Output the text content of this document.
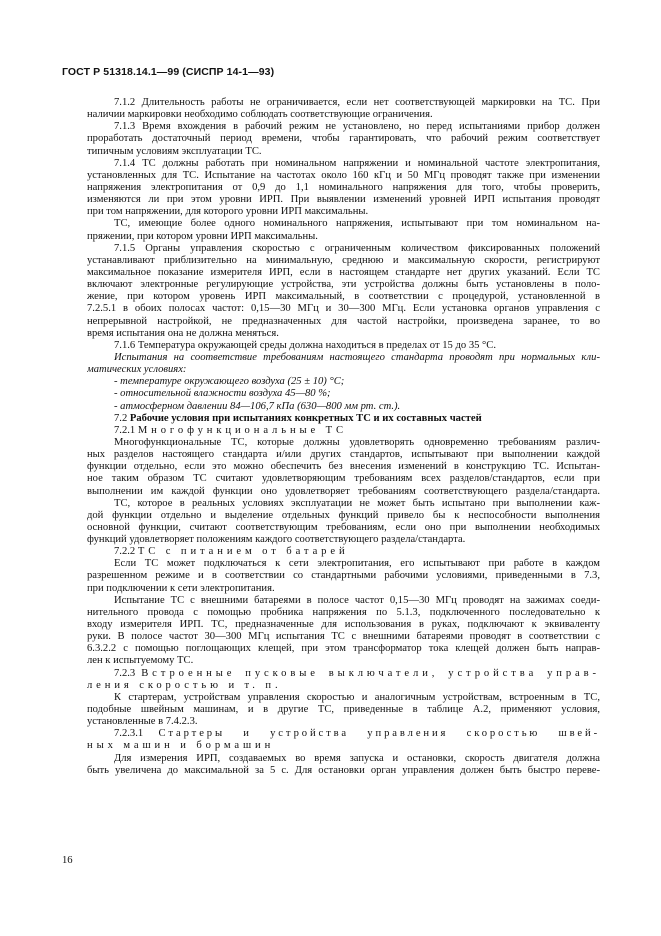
ГОСТ Р 51318.14.1—99 (СИСПР 14-1—93)
7.1.2 Длительность работы не ограничивается, если нет соответствующей маркировки на ТС. При
наличии маркировки необходимо соблюдать соответствующие ограничения.
7.1.3 Время вхождения в рабочий режим не установлено, но перед испытаниями прибор должен
проработать достаточный период времени, чтобы гарантировать, что рабочий режим соответствует
типичным условиям эксплуатации ТС.
7.1.4 ТС должны работать при номинальном напряжении и номинальной частоте электропитания,
установленных для ТС. Испытание на частотах около 160 кГц и 50 МГц проводят также при изменении
напряжения электропитания от 0,9 до 1,1 номинального напряжения для того, чтобы проверить,
изменяются ли при этом уровни ИРП. При выявлении изменений уровней ИРП испытания проводят
при том напряжении, для которого уровни ИРП максимальны.
ТС, имеющие более одного номинального напряжения, испытывают при том номинальном на-
пряжении, при котором уровни ИРП максимальны.
7.1.5 Органы управления скоростью с ограниченным количеством фиксированных положений
устанавливают приблизительно на минимальную, среднюю и максимальную скорости, регистрируют
максимальное показание измерителя ИРП, если в настоящем стандарте нет других указаний. Если ТС
включают электронные регулирующие устройства, эти устройства должны быть установлены в поло-
жение, при котором уровень ИРП максимальный, в соответствии с процедурой, установленной в
7.2.5.1 в обоих полосах частот: 0,15—30 МГц и 30—300 МГц. Если установка органов управления с
непрерывной настройкой, не предназначенных для частой настройки, произведена заранее, то во
время испытания она не должна меняться.
7.1.6 Температура окружающей среды должна находиться в пределах от 15 до 35 °С.
Испытания на соответствие требованиям настоящего стандарта проводят при нормальных кли-
матических условиях:
- температуре окружающего воздуха (25 ± 10) °С;
- относительной влажности воздуха 45—80 %;
- атмосферном давлении 84—106,7 кПа (630—800 мм рт. ст.).
7.2 Рабочие условия при испытаниях конкретных ТС и их составных частей
7.2.1 Многофункциональные ТС
Многофункциональные ТС, которые должны удовлетворять одновременно требованиям различ-
ных разделов настоящего стандарта и/или других стандартов, испытывают при выполнении каждой
функции отдельно, если это можно обеспечить без внесения изменений в конструкцию ТС. Испытан-
ное таким образом ТС считают удовлетворяющим требованиям всех разделов/стандартов, если при
выполнении им каждой функции оно удовлетворяет требованиям соответствующего раздела/стандарта.
ТС, которое в реальных условиях эксплуатации не может быть испытано при выполнении каж-
дой функции отдельно и выделение отдельных функций привело бы к неспособности выполнения
основной функции, считают соответствующим требованиям, если оно при выполнении необходимых
функций удовлетворяет положениям каждого соответствующего раздела/стандарта.
7.2.2 ТС с питанием от батарей
Если ТС может подключаться к сети электропитания, его испытывают при работе в каждом
разрешенном режиме и в соответствии со стандартными рабочими условиями, приведенными в 7.3,
при подключении к сети электропитания.
Испытание ТС с внешними батареями в полосе частот 0,15—30 МГц проводят на зажимах соеди-
нительного провода с помощью пробника напряжения по 5.1.3, подключенного последовательно к
входу измерителя ИРП. ТС, предназначенные для использования в руках, подключают к эквиваленту
руки. В полосе частот 30—300 МГц испытания ТС с внешними батареями проводят в соответствии с
6.3.2.2 с помощью поглощающих клещей, при этом трансформатор тока клещей должен быть направ-
лен к испытуемому ТС.
7.2.3 Встроенные пусковые выключатели, устройства управ-
ления скоростью и т. п.
К стартерам, устройствам управления скоростью и аналогичным устройствам, встроенным в ТС,
подобные швейным машинам, и в другие ТС, приведенные в таблице А.2, применяют условия,
установленные в 7.4.2.3.
7.2.3.1 Стартеры и устройства управления скоростью швей-
ных машин и бормашин
Для измерения ИРП, создаваемых во время запуска и остановки, скорость двигателя должна
быть увеличена до максимальной за 5 с. Для остановки орган управления должен быть быстро переве-
16
